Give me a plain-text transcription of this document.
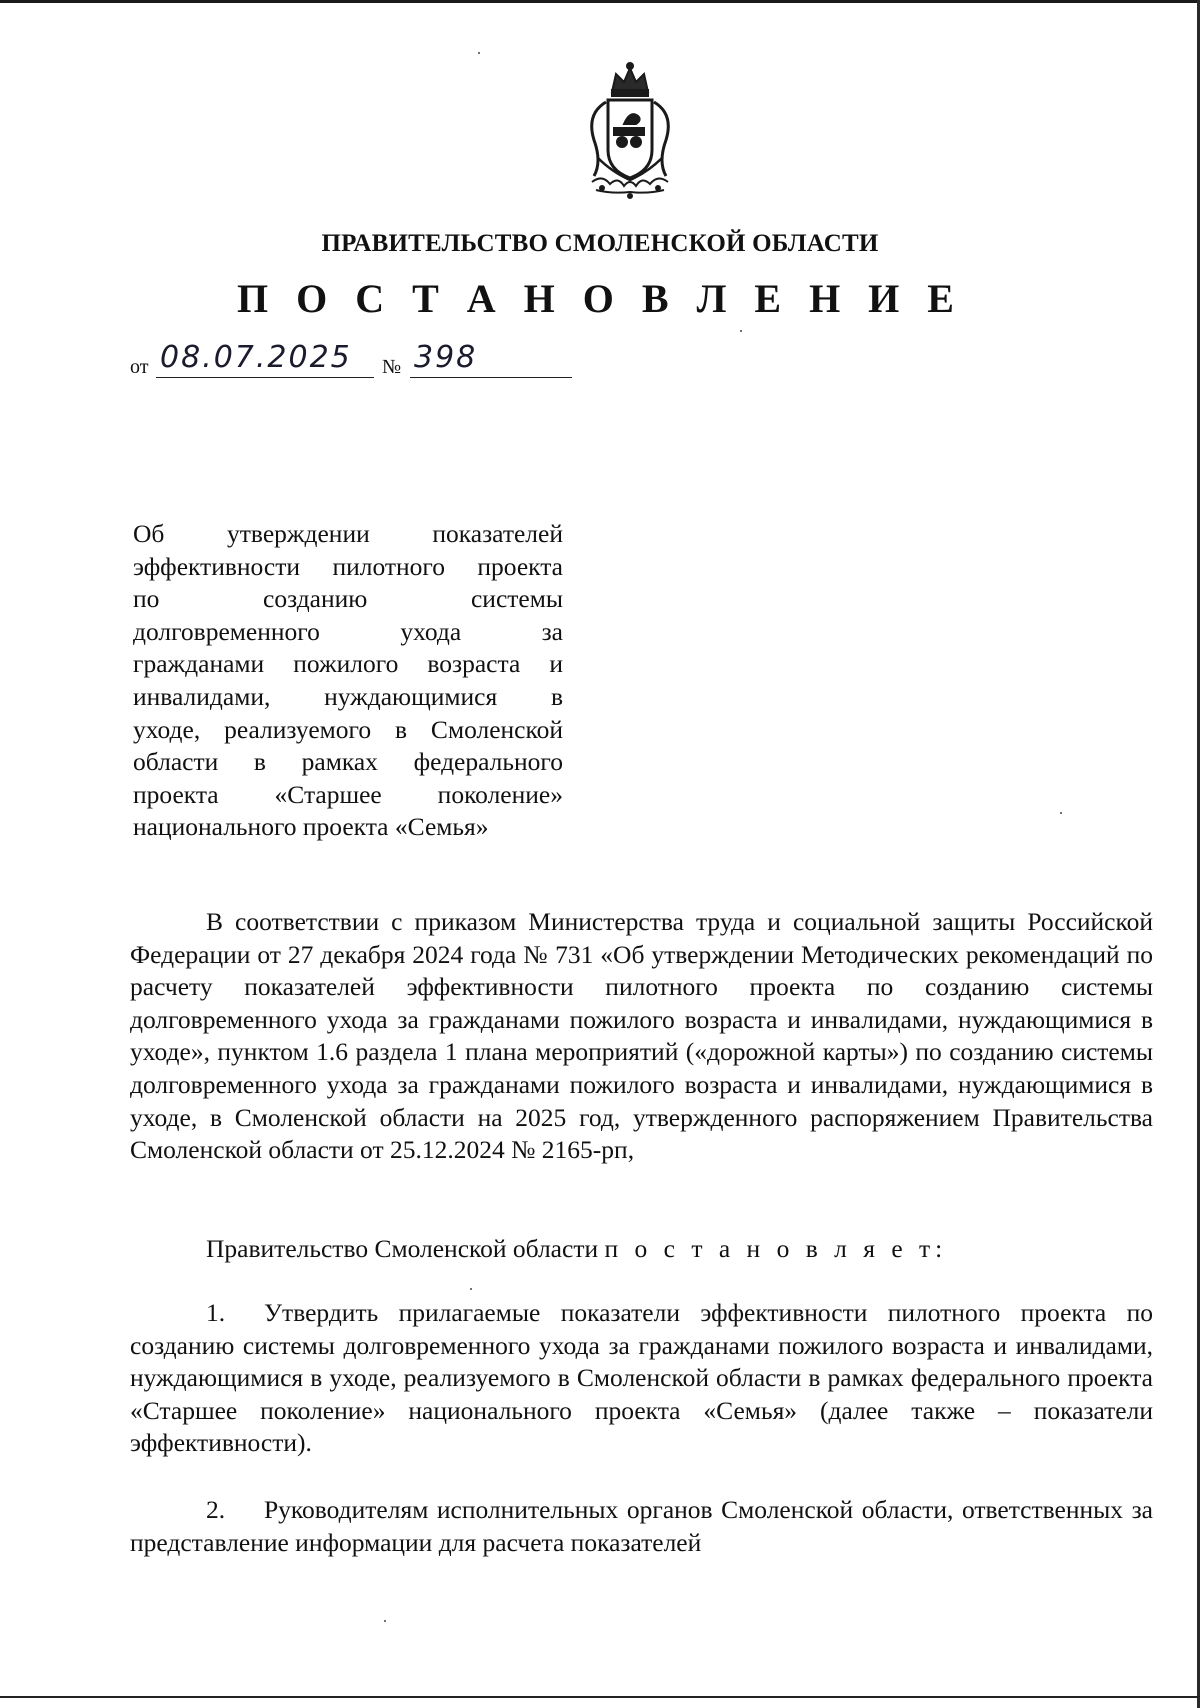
ПРАВИТЕЛЬСТВО СМОЛЕНСКОЙ ОБЛАСТИ
П О С Т А Н О В Л Е Н И Е
от 08.07.2025 № 398
Об утверждении показателей
эффективности пилотного проекта
по созданию системы
долговременного ухода за
гражданами пожилого возраста и
инвалидами, нуждающимися в
уходе, реализуемого в Смоленской
области в рамках федерального
проекта «Старшее поколение»
национального проекта «Семья»

В соответствии с приказом Министерства труда и социальной защиты Российской Федерации от 27 декабря 2024 года № 731 «Об утверждении Методических рекомендаций по расчету показателей эффективности пилотного проекта по созданию системы долговременного ухода за гражданами пожилого возраста и инвалидами, нуждающимися в уходе», пунктом 1.6 раздела 1 плана мероприятий («дорожной карты») по созданию системы долговременного ухода за гражданами пожилого возраста и инвалидами, нуждающимися в уходе, в Смоленской области на 2025 год, утвержденного распоряжением Правительства Смоленской области от 25.12.2024 № 2165-рп,

Правительство Смоленской области п о с т а н о в л я е т:

1. Утвердить прилагаемые показатели эффективности пилотного проекта по созданию системы долговременного ухода за гражданами пожилого возраста и инвалидами, нуждающимися в уходе, реализуемого в Смоленской области в рамках федерального проекта «Старшее поколение» национального проекта «Семья» (далее также – показатели эффективности).

2. Руководителям исполнительных органов Смоленской области, ответственных за представление информации для расчета показателей
